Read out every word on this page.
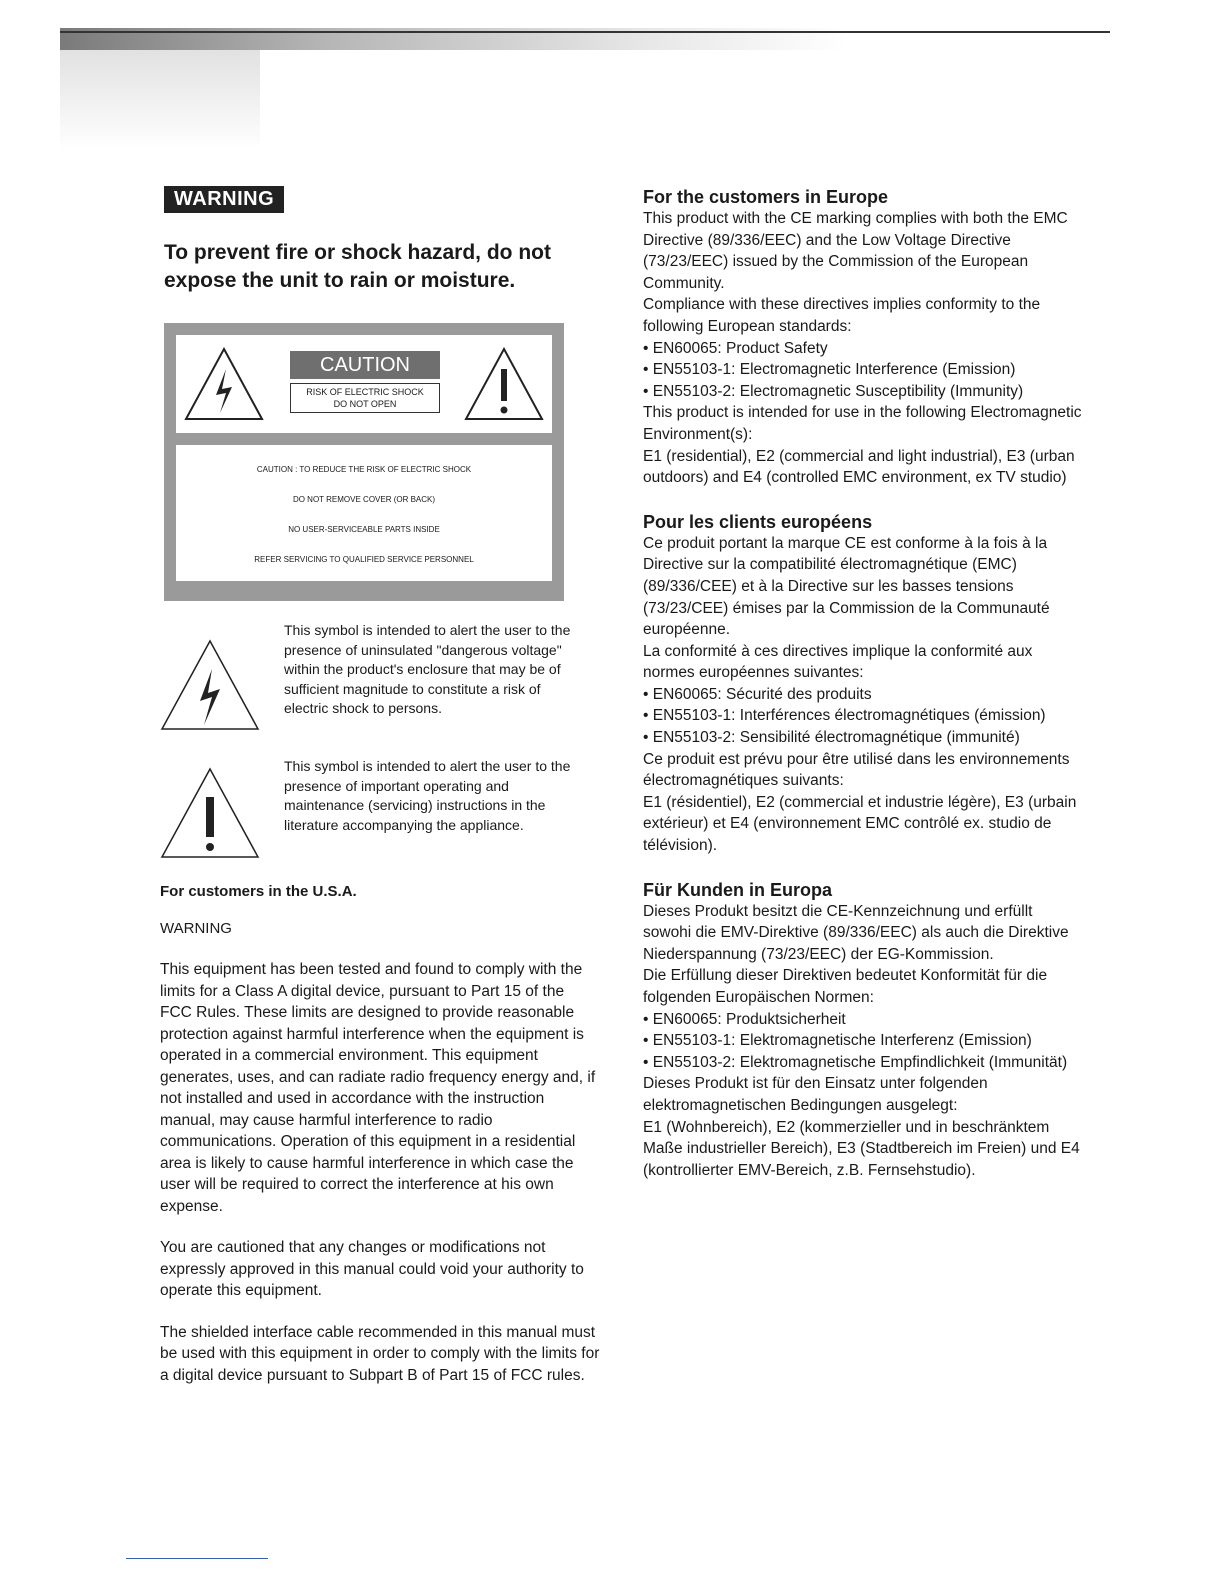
WARNING
To prevent fire or shock hazard, do not expose the unit to rain or moisture.
CAUTION
RISK OF ELECTRIC SHOCK
DO NOT OPEN
CAUTION : TO REDUCE THE RISK OF ELECTRIC SHOCK
DO NOT REMOVE COVER (OR BACK)
NO USER-SERVICEABLE PARTS INSIDE
REFER SERVICING TO QUALIFIED SERVICE PERSONNEL
This symbol is intended to alert the user to the presence of uninsulated "dangerous voltage" within the product's enclosure that may be of sufficient magnitude to constitute a risk of electric shock to persons.
This symbol is intended to alert the user to the presence of important operating and maintenance (servicing) instructions in the literature accompanying the appliance.
For customers in the U.S.A.
WARNING
This equipment has been tested and found to comply with the limits for a Class A digital device, pursuant to Part 15 of the FCC Rules. These limits are designed to provide reasonable protection against harmful interference when the equipment is operated in a commercial environment. This equipment generates, uses, and can radiate radio frequency energy and, if not installed and used in accordance with the instruction manual, may cause harmful interference to radio communications. Operation of this equipment in a residential area is likely to cause harmful interference in which case the user will be required to correct the interference at his own expense.
You are cautioned that any changes or modifications not expressly approved in this manual could void your authority to operate this equipment.
The shielded interface cable recommended in this manual must be used with this equipment in order to comply with the limits for a digital device pursuant to Subpart B of Part 15 of FCC rules.
For the customers in Europe
This product with the CE marking complies with both the EMC Directive (89/336/EEC) and the Low Voltage Directive (73/23/EEC) issued by the Commission of the European Community.
Compliance with these directives implies conformity to the following European standards:
• EN60065: Product Safety
• EN55103-1: Electromagnetic Interference (Emission)
• EN55103-2: Electromagnetic Susceptibility (Immunity)
This product is intended for use in the following Electromagnetic Environment(s):
E1 (residential), E2 (commercial and light industrial), E3 (urban outdoors) and E4 (controlled EMC environment, ex TV studio)
Pour les clients européens
Ce produit portant la marque CE est conforme à la fois à la Directive sur la compatibilité électromagnétique (EMC) (89/336/CEE) et à la Directive sur les basses tensions (73/23/CEE) émises par la Commission de la Communauté européenne.
La conformité à ces directives implique la conformité aux normes européennes suivantes:
• EN60065: Sécurité des produits
• EN55103-1: Interférences électromagnétiques (émission)
• EN55103-2: Sensibilité électromagnétique (immunité)
Ce produit est prévu pour être utilisé dans les environnements électromagnétiques suivants:
E1 (résidentiel), E2 (commercial et industrie légère), E3 (urbain extérieur) et E4 (environnement EMC contrôlé ex. studio de télévision).
Für Kunden in Europa
Dieses Produkt besitzt die CE-Kennzeichnung und erfüllt sowohi die EMV-Direktive (89/336/EEC) als auch die Direktive Niederspannung (73/23/EEC) der EG-Kommission.
Die Erfüllung dieser Direktiven bedeutet Konformität für die folgenden Europäischen Normen:
• EN60065: Produktsicherheit
• EN55103-1: Elektromagnetische Interferenz (Emission)
• EN55103-2: Elektromagnetische Empfindlichkeit (Immunität)
Dieses Produkt ist für den Einsatz unter folgenden elektromagnetischen Bedingungen ausgelegt:
E1 (Wohnbereich), E2 (kommerzieller und in beschränktem Maße industrieller Bereich), E3 (Stadtbereich im Freien) und E4 (kontrollierter EMV-Bereich, z.B. Fernsehstudio).
